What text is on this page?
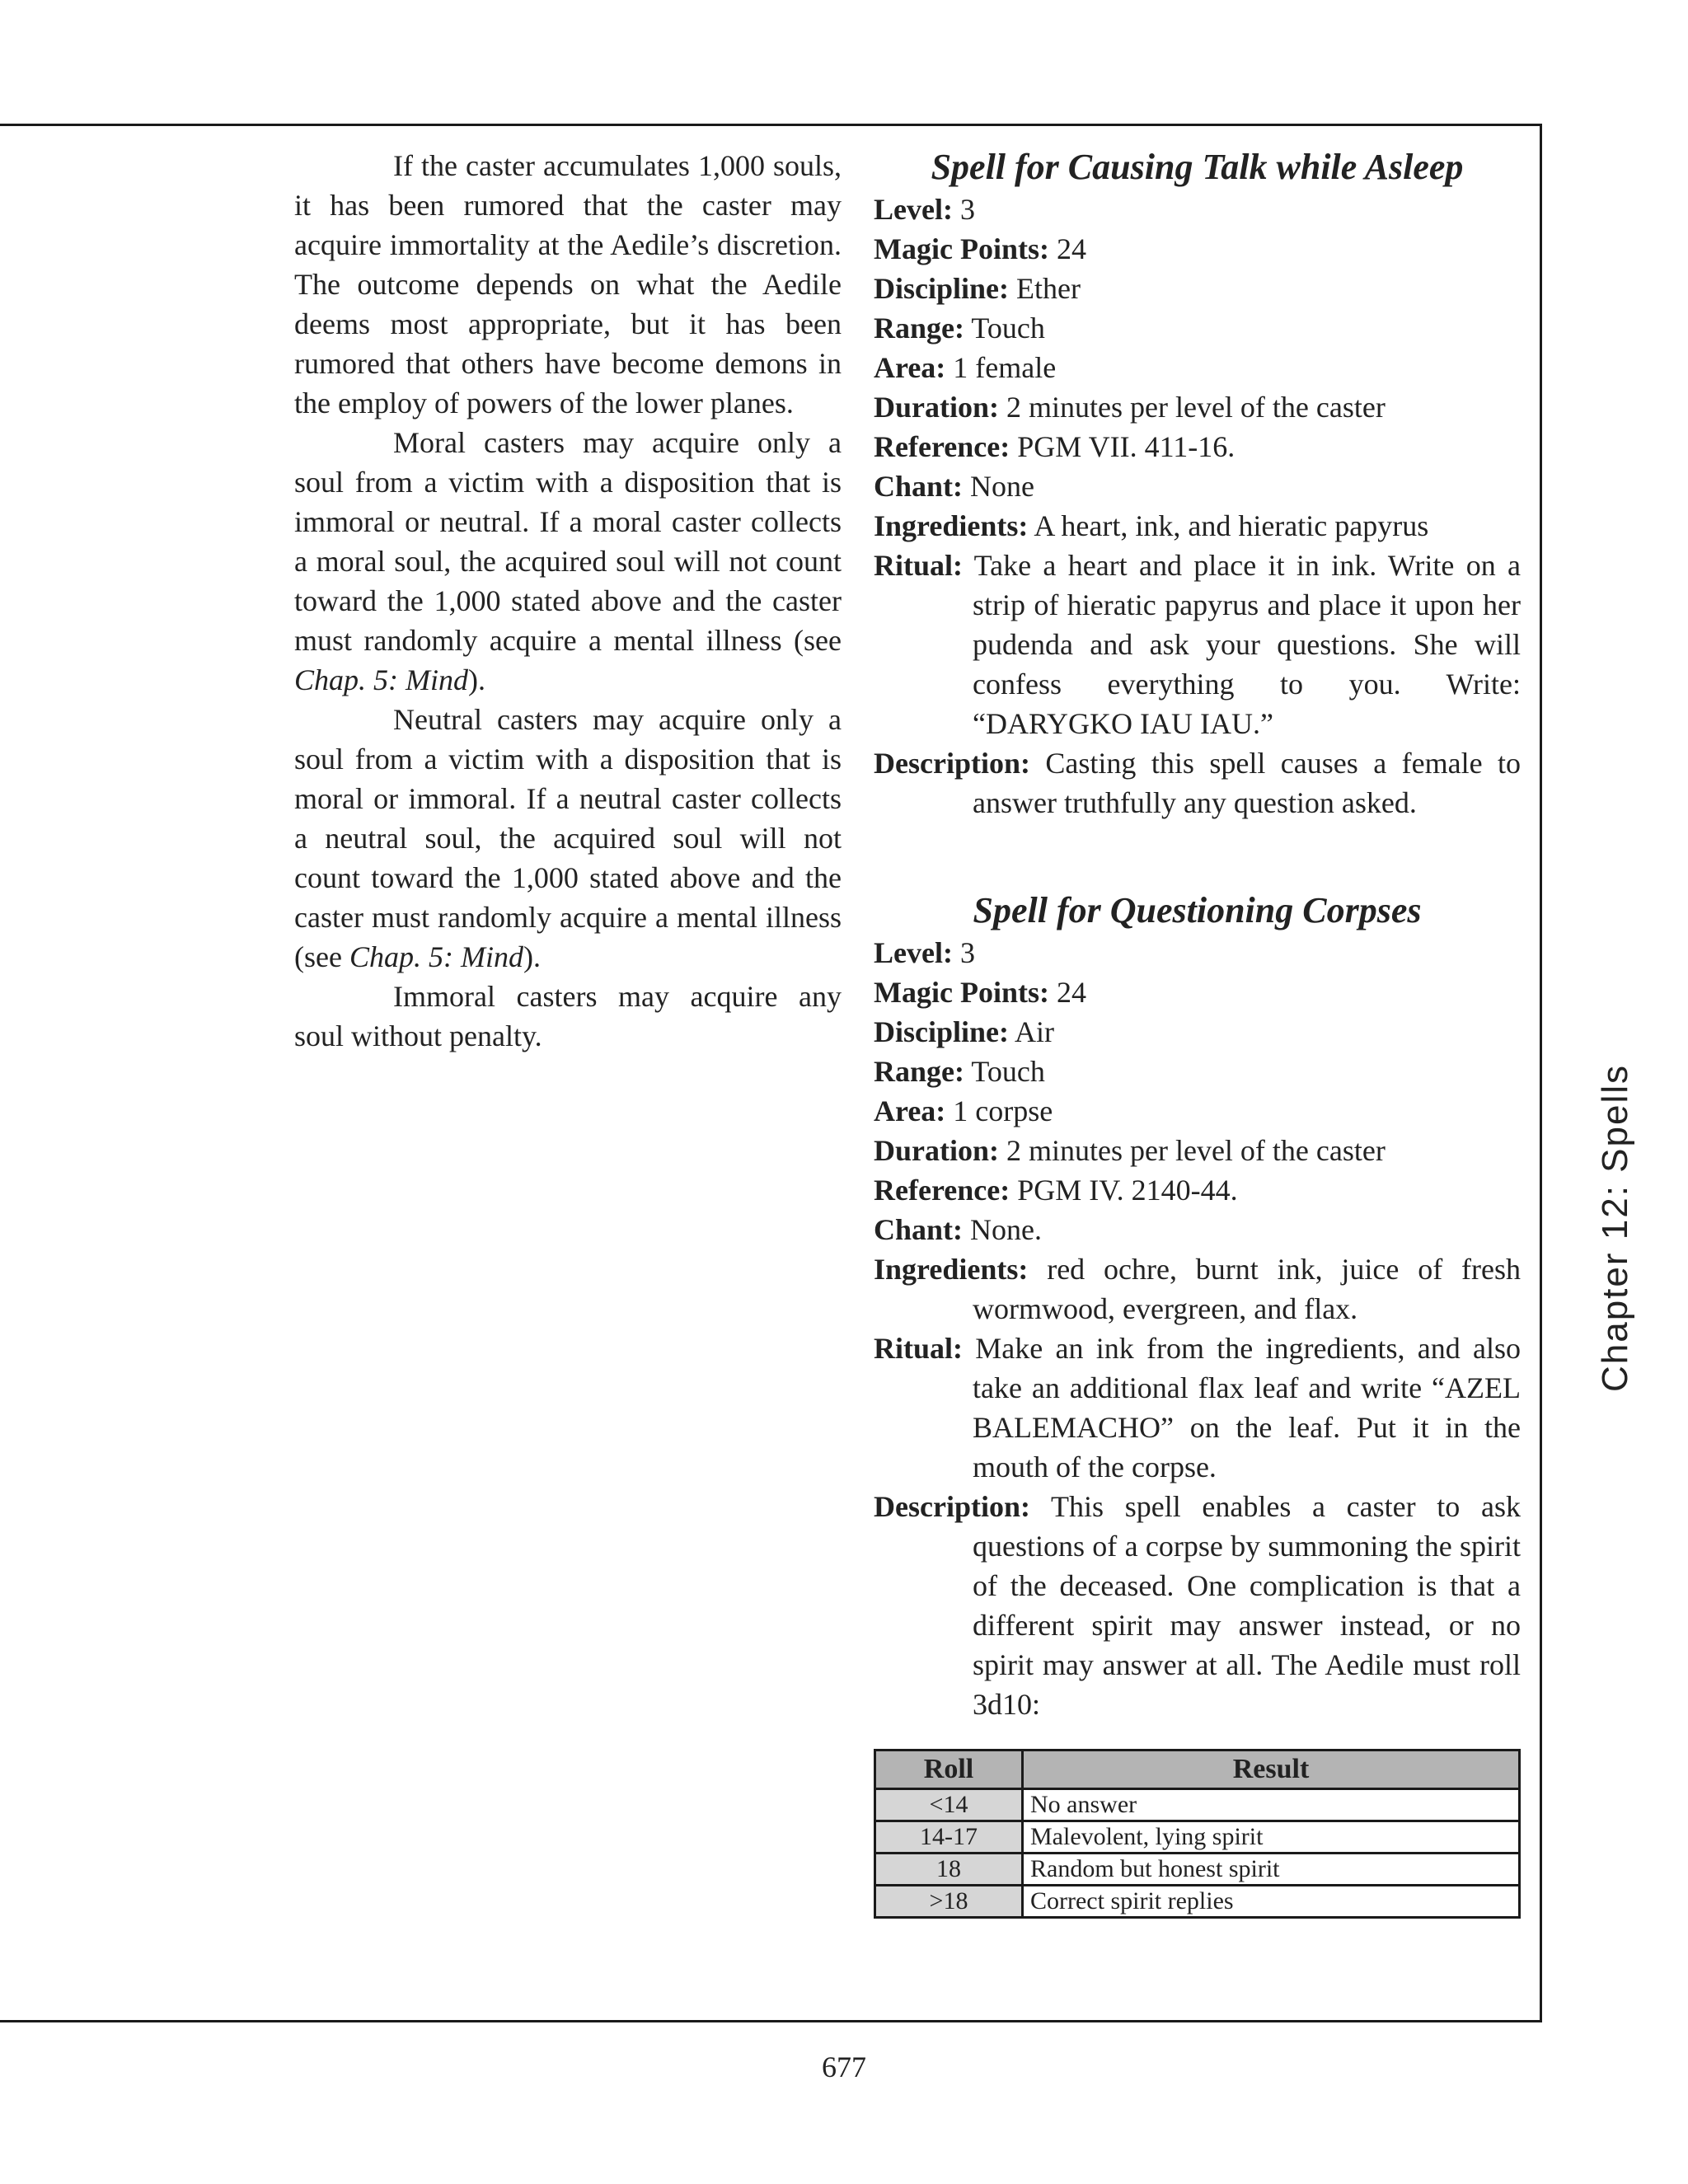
If the caster accumulates 1,000 souls, it has been rumored that the caster may acquire immortality at the Aedile’s discretion. The outcome depends on what the Aedile deems most appropriate, but it has been rumored that others have become demons in the employ of powers of the lower planes.

Moral casters may acquire only a soul from a victim with a disposition that is immoral or neutral. If a moral caster collects a moral soul, the acquired soul will not count toward the 1,000 stated above and the caster must randomly acquire a mental illness (see Chap. 5: Mind).

Neutral casters may acquire only a soul from a victim with a disposition that is moral or immoral. If a neutral caster collects a neutral soul, the acquired soul will not count toward the 1,000 stated above and the caster must randomly acquire a mental illness (see Chap. 5: Mind).

Immoral casters may acquire any soul without penalty.

Spell for Causing Talk while Asleep
Level: 3
Magic Points: 24
Discipline: Ether
Range: Touch
Area: 1 female
Duration: 2 minutes per level of the caster
Reference: PGM VII. 411-16.
Chant: None
Ingredients: A heart, ink, and hieratic papyrus
Ritual: Take a heart and place it in ink. Write on a strip of hieratic papyrus and place it upon her pudenda and ask your questions. She will confess everything to you. Write: “DARYGKO IAU IAU.”
Description: Casting this spell causes a female to answer truthfully any question asked.
Spell for Questioning Corpses
Level: 3
Magic Points: 24
Discipline: Air
Range: Touch
Area: 1 corpse
Duration: 2 minutes per level of the caster
Reference: PGM IV. 2140-44.
Chant: None.
Ingredients: red ochre, burnt ink, juice of fresh wormwood, evergreen, and flax.
Ritual: Make an ink from the ingredients, and also take an additional flax leaf and write “AZEL BALEMACHO” on the leaf. Put it in the mouth of the corpse.
Description: This spell enables a caster to ask questions of a corpse by summoning the spirit of the deceased. One complication is that a different spirit may answer instead, or no spirit may answer at all. The Aedile must roll 3d10:
Roll	Result
<14	No answer
14-17	Malevolent, lying spirit
18	Random but honest spirit
>18	Correct spirit replies
Chapter 12: Spells
677
